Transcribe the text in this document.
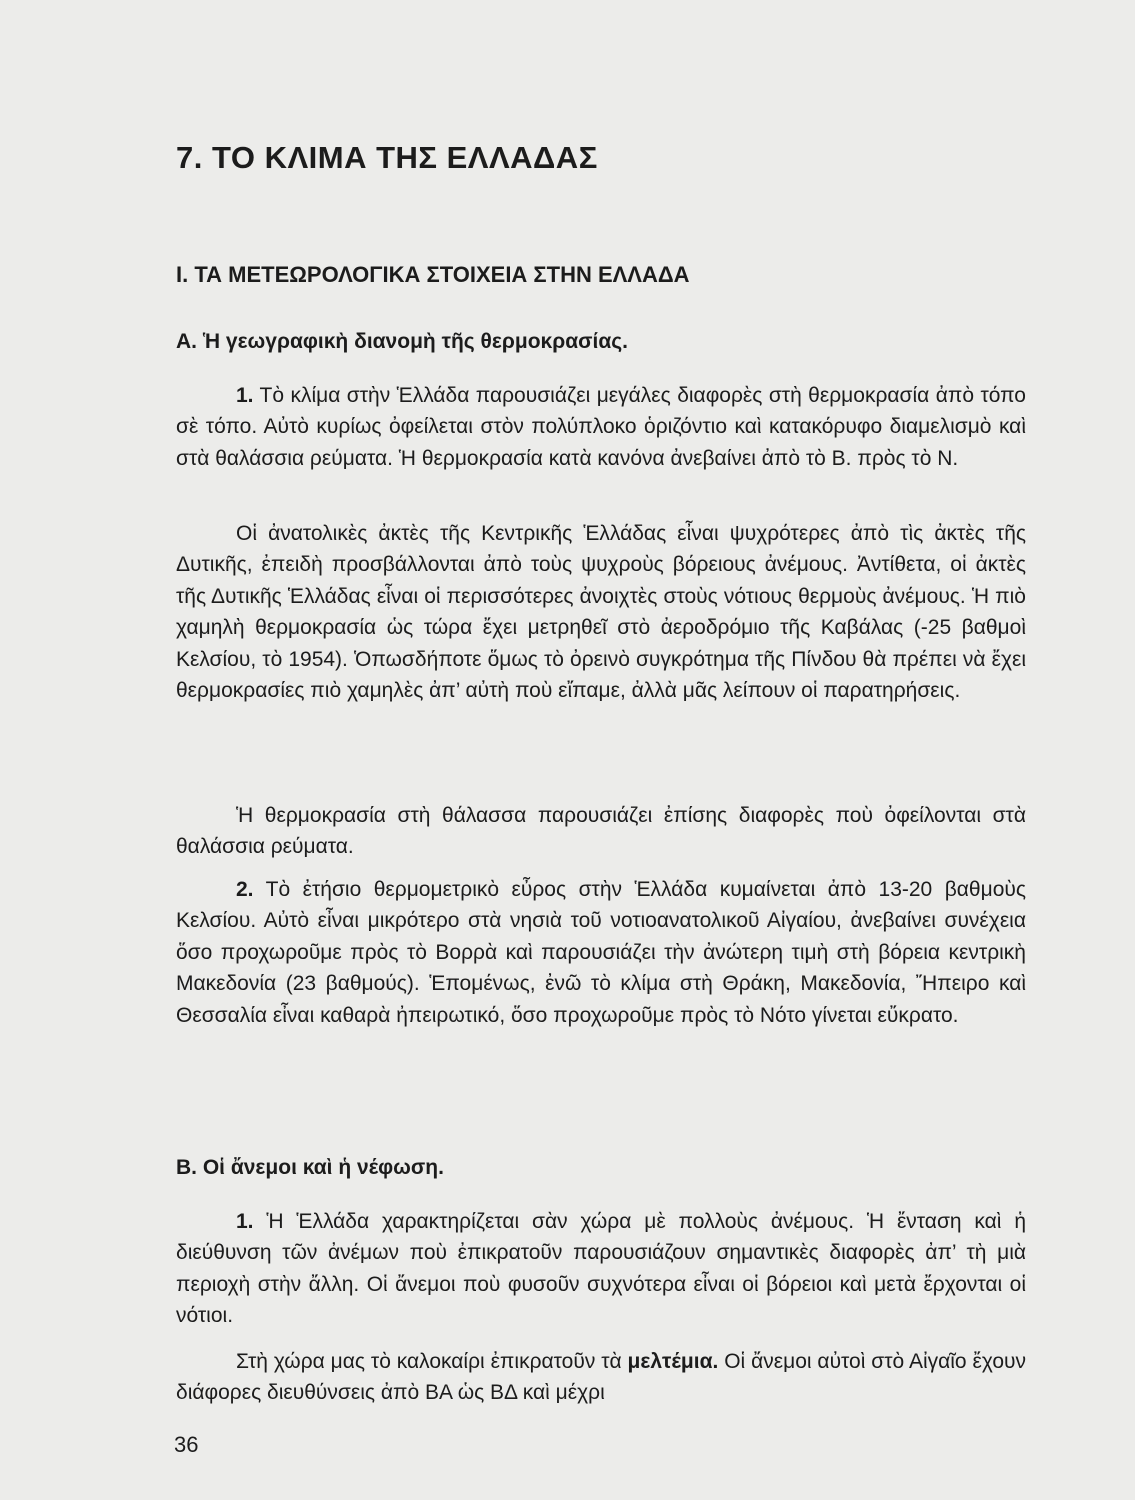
7. ΤΟ ΚΛΙΜΑ ΤΗΣ ΕΛΛΑΔΑΣ
Ι. ΤΑ ΜΕΤΕΩΡΟΛΟΓΙΚΑ ΣΤΟΙΧΕΙΑ ΣΤΗΝ ΕΛΛΑΔΑ
Α. Ἡ γεωγραφικὴ διανομὴ τῆς θερμοκρασίας.

1. Τὸ κλίμα στὴν Ἑλλάδα παρουσιάζει μεγάλες διαφορὲς στὴ θερμοκρασία ἀπὸ τόπο σὲ τόπο. Αὐτὸ κυρίως ὀφείλεται στὸν πολύπλοκο ὁριζόντιο καὶ κατακόρυφο διαμελισμὸ καὶ στὰ θαλάσσια ρεύματα. Ἡ θερμοκρασία κατὰ κανόνα ἀνεβαίνει ἀπὸ τὸ Β. πρὸς τὸ Ν.

Οἱ ἀνατολικὲς ἀκτὲς τῆς Κεντρικῆς Ἑλλάδας εἶναι ψυχρότερες ἀπὸ τὶς ἀκτὲς τῆς Δυτικῆς, ἐπειδὴ προσβάλλονται ἀπὸ τοὺς ψυχροὺς βόρειους ἀνέμους. Ἀντίθετα, οἱ ἀκτὲς τῆς Δυτικῆς Ἑλλάδας εἶναι οἱ περισσότερες ἀνοιχτὲς στοὺς νότιους θερμοὺς ἀνέμους. Ἡ πιὸ χαμηλὴ θερμοκρασία ὡς τώρα ἔχει μετρηθεῖ στὸ ἀεροδρόμιο τῆς Καβάλας (-25 βαθμοὶ Κελσίου, τὸ 1954). Ὁπωσδήποτε ὅμως τὸ ὀρεινὸ συγκρότημα τῆς Πίνδου θὰ πρέπει νὰ ἔχει θερμοκρασίες πιὸ χαμηλὲς ἀπ’ αὐτὴ ποὺ εἴπαμε, ἀλλὰ μᾶς λείπουν οἱ παρατηρήσεις.

Ἡ θερμοκρασία στὴ θάλασσα παρουσιάζει ἐπίσης διαφορὲς ποὺ ὀφείλονται στὰ θαλάσσια ρεύματα.

2. Τὸ ἐτήσιο θερμομετρικὸ εὖρος στὴν Ἑλλάδα κυμαίνεται ἀπὸ 13-20 βαθμοὺς Κελσίου. Αὐτὸ εἶναι μικρότερο στὰ νησιὰ τοῦ νοτιοανατολικοῦ Αἰγαίου, ἀνεβαίνει συνέχεια ὅσο προχωροῦμε πρὸς τὸ Βορρὰ καὶ παρουσιάζει τὴν ἀνώτερη τιμὴ στὴ βόρεια κεντρικὴ Μακεδονία (23 βαθμούς). Ἑπομένως, ἐνῶ τὸ κλίμα στὴ Θράκη, Μακεδονία, Ἤπειρο καὶ Θεσσαλία εἶναι καθαρὰ ἠπειρωτικό, ὅσο προχωροῦμε πρὸς τὸ Νότο γίνεται εὔκρατο.

Β. Οἱ ἄνεμοι καὶ ἡ νέφωση.

1. Ἡ Ἑλλάδα χαρακτηρίζεται σὰν χώρα μὲ πολλοὺς ἀνέμους. Ἡ ἔνταση καὶ ἡ διεύθυνση τῶν ἀνέμων ποὺ ἐπικρατοῦν παρουσιάζουν σημαντικὲς διαφορὲς ἀπ’ τὴ μιὰ περιοχὴ στὴν ἄλλη. Οἱ ἄνεμοι ποὺ φυσοῦν συχνότερα εἶναι οἱ βόρειοι καὶ μετὰ ἔρχονται οἱ νότιοι.

Στὴ χώρα μας τὸ καλοκαίρι ἐπικρατοῦν τὰ μελτέμια. Οἱ ἄνεμοι αὐτοὶ στὸ Αἰγαῖο ἔχουν διάφορες διευθύνσεις ἀπὸ ΒΑ ὡς ΒΔ καὶ μέχρι

36
